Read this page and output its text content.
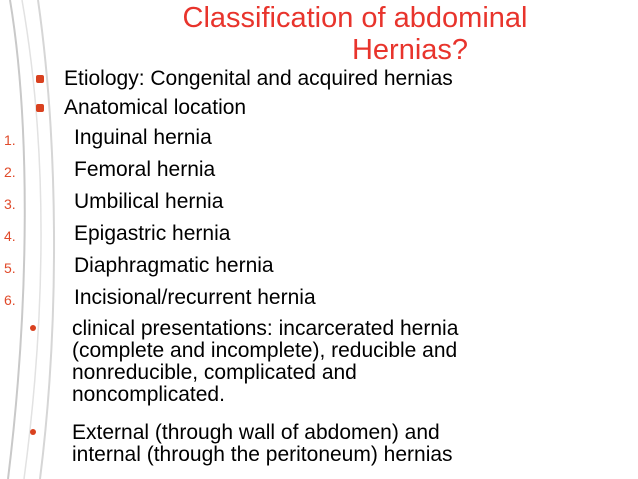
Classification of abdominal
Hernias?
Etiology: Congenital and acquired hernias
Anatomical location
1.	Inguinal hernia
2.	Femoral hernia
3.	Umbilical hernia
4.	Epigastric hernia
5.	Diaphragmatic hernia
6.	Incisional/recurrent hernia
clinical presentations: incarcerated hernia
(complete and incomplete), reducible and
nonreducible, complicated and
noncomplicated.
External (through wall of abdomen) and
internal (through the peritoneum) hernias
